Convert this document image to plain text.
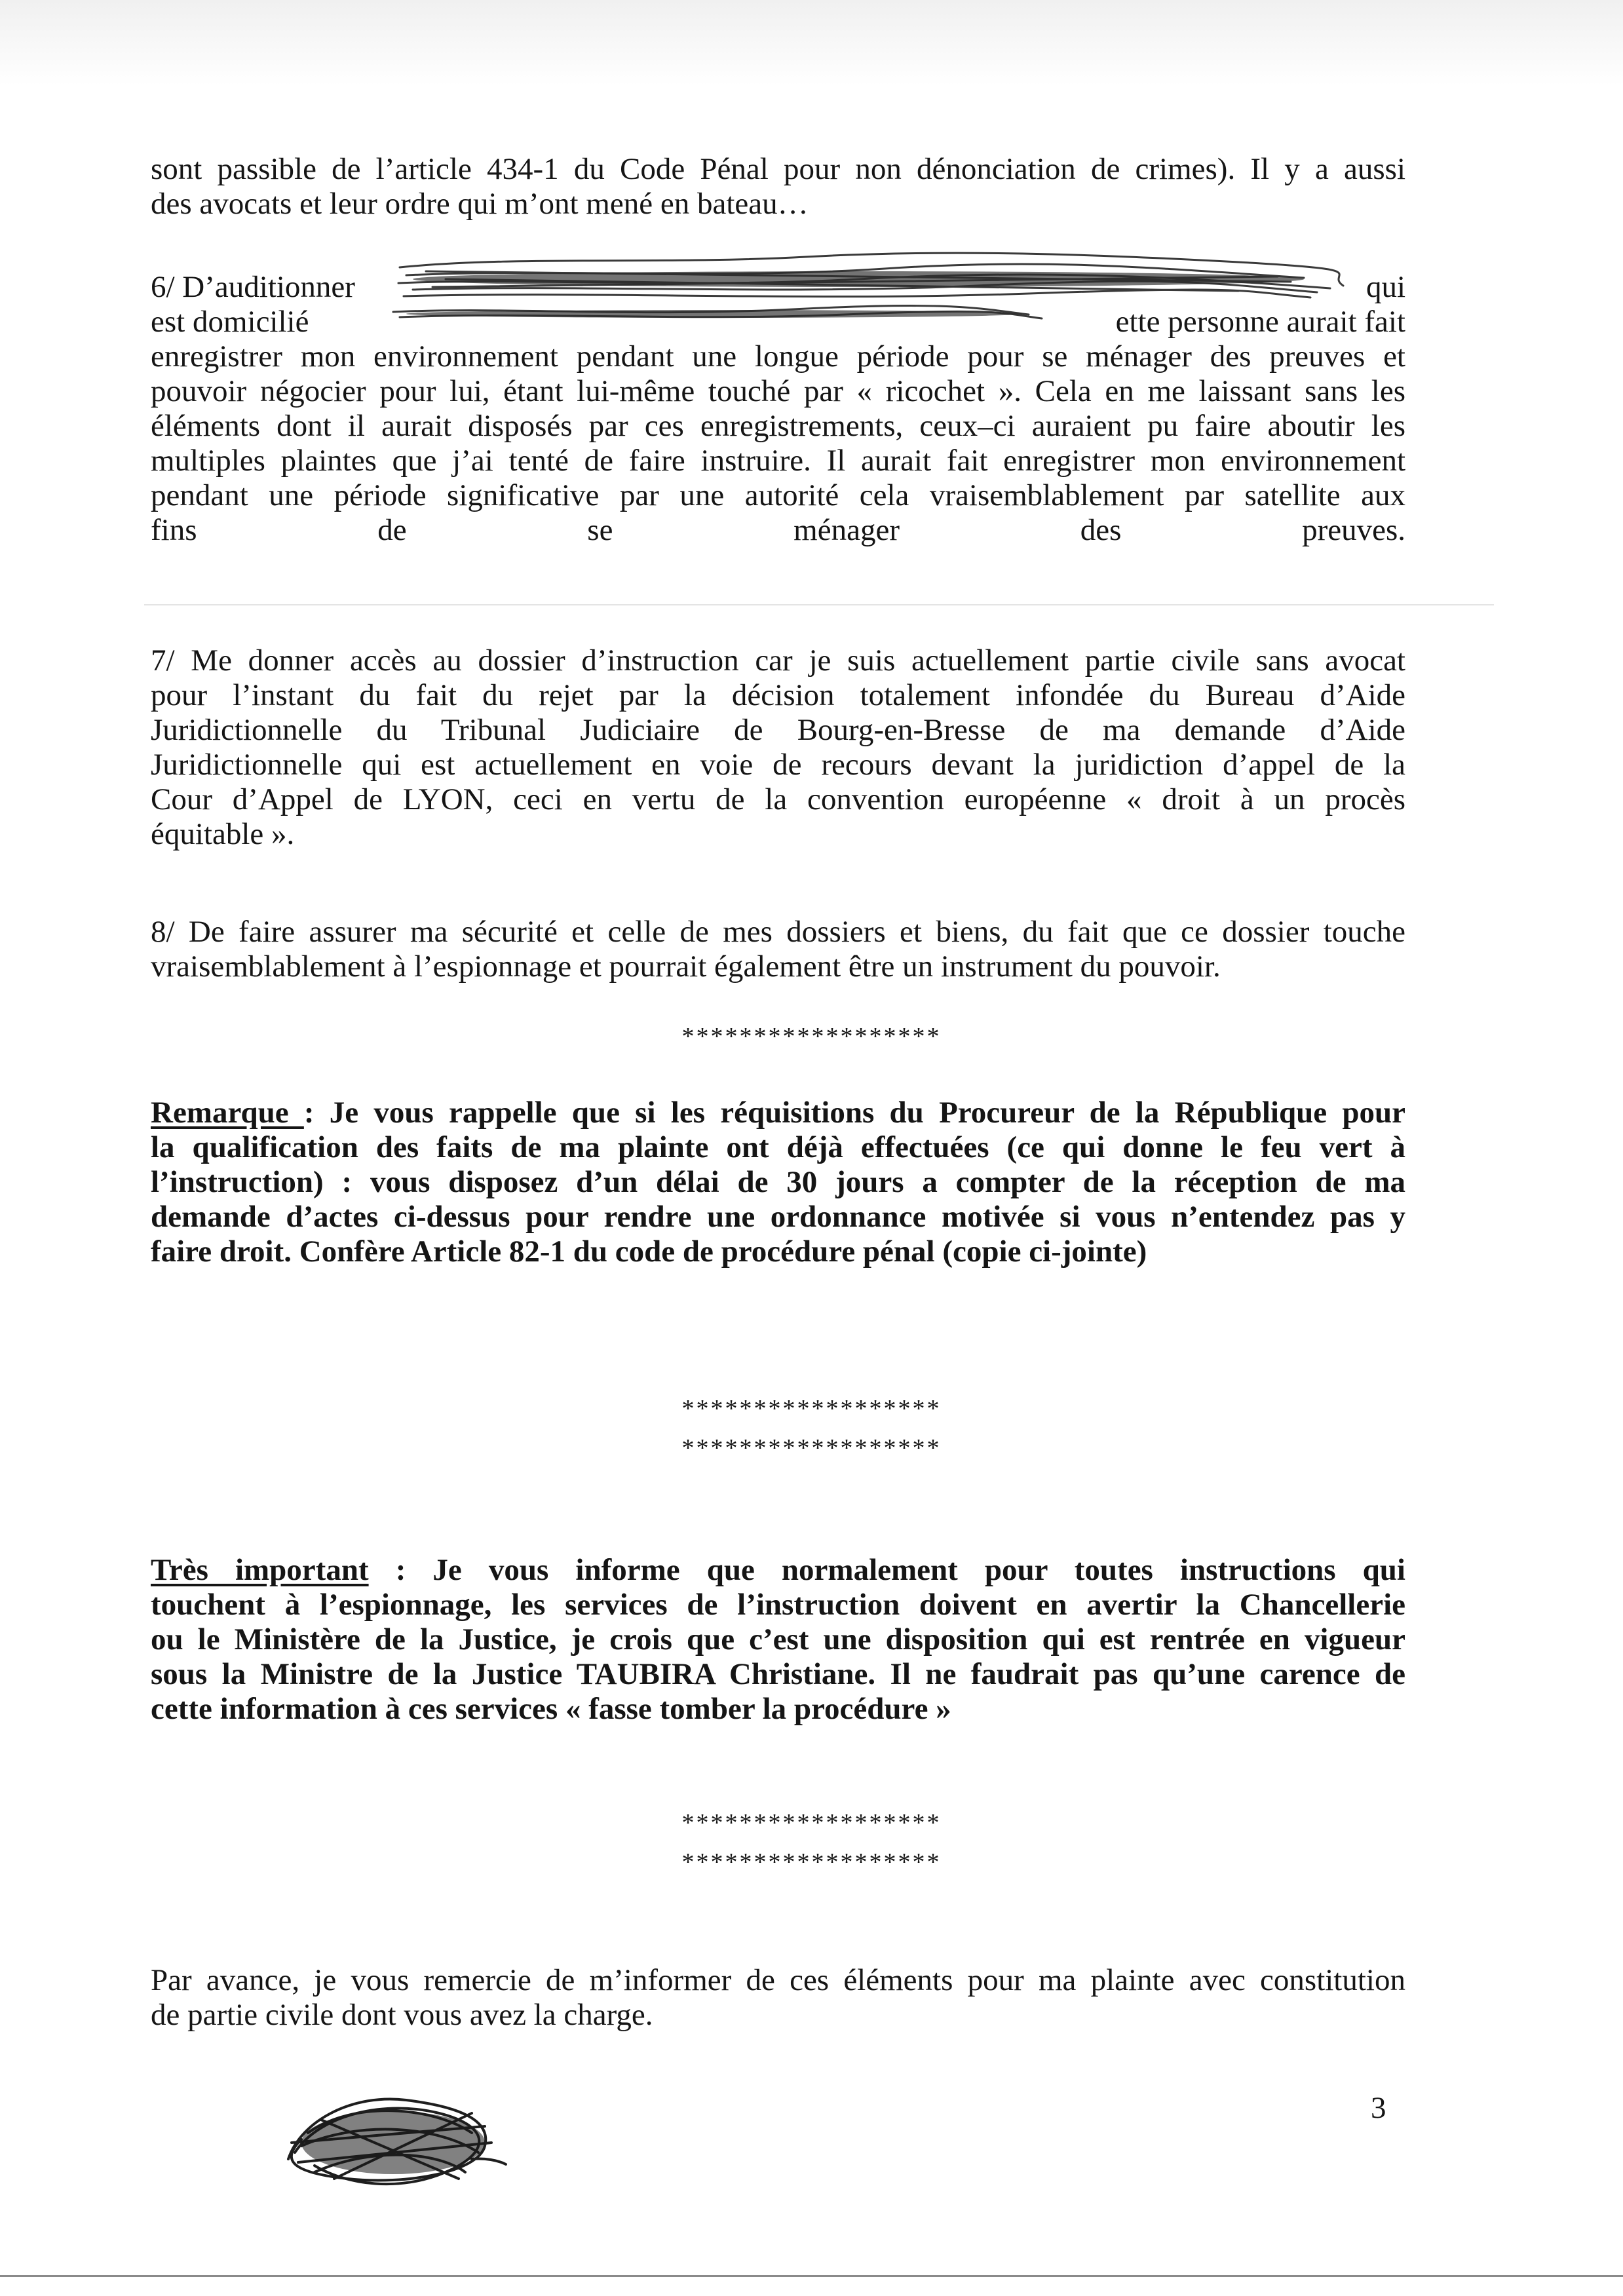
sont passible de l’article 434-1 du Code Pénal pour non dénonciation de crimes). Il y a aussi
des avocats et leur ordre qui m’ont mené en bateau…

6/ D’auditionner	qui
est domicilié	ette personne aurait fait

enregistrer mon environnement pendant une longue période pour se ménager des preuves et
pouvoir négocier pour lui, étant lui-même touché par « ricochet ». Cela en me laissant sans les
éléments dont il aurait disposés par ces enregistrements, ceux–ci auraient pu faire aboutir les
multiples plaintes que j’ai tenté de faire instruire. Il aurait fait enregistrer mon environnement
pendant une période significative par une autorité cela vraisemblablement par satellite aux
fins de se ménager des preuves.

7/ Me donner accès au dossier d’instruction car je suis actuellement partie civile sans avocat
pour l’instant du fait du rejet par la décision totalement infondée du Bureau d’Aide
Juridictionnelle du Tribunal Judiciaire de Bourg-en-Bresse de ma demande d’Aide
Juridictionnelle qui est actuellement en voie de recours devant la juridiction d’appel de la
Cour d’Appel de LYON, ceci en vertu de la convention européenne « droit à un procès
équitable ».

8/ De faire assurer ma sécurité et celle de mes dossiers et biens, du fait que ce dossier touche
vraisemblablement à l’espionnage et pourrait également être un instrument du pouvoir.

******************

Remarque : Je vous rappelle que si les réquisitions du Procureur de la République pour
la qualification des faits de ma plainte ont déjà effectuées (ce qui donne le feu vert à
l’instruction) : vous disposez d’un délai de 30 jours a compter de la réception de ma
demande d’actes ci-dessus pour rendre une ordonnance motivée si vous n’entendez pas y
faire droit. Confère Article 82-1 du code de procédure pénal (copie ci-jointe)

******************
******************

Très important : Je vous informe que normalement pour toutes instructions qui
touchent à l’espionnage, les services de l’instruction doivent en avertir la Chancellerie
ou le Ministère de la Justice, je crois que c’est une disposition qui est rentrée en vigueur
sous la Ministre de la Justice TAUBIRA Christiane. Il ne faudrait pas qu’une carence de
cette information à ces services « fasse tomber la procédure »

******************
******************

Par avance, je vous remercie de m’informer de ces éléments pour ma plainte avec constitution
de partie civile dont vous avez la charge.

3
